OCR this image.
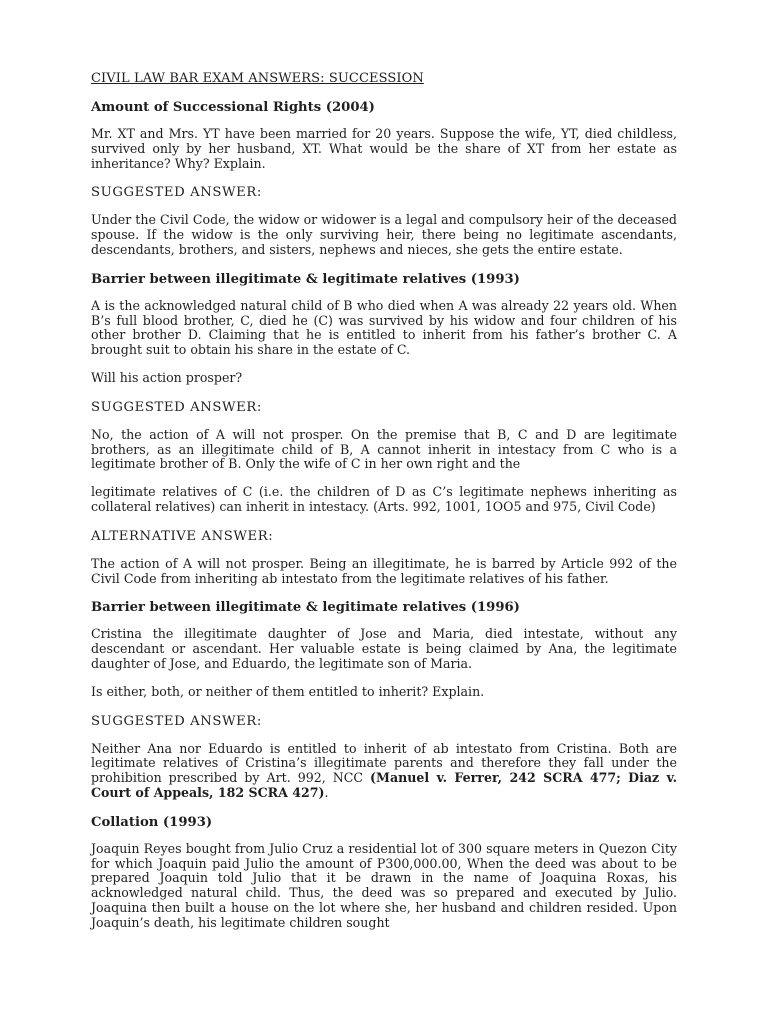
CIVIL LAW BAR EXAM ANSWERS: SUCCESSION
Amount of Successional Rights (2004)
Mr. XT and Mrs. YT have been married for 20 years. Suppose the wife, YT, died childless, survived only by her husband, XT. What would be the share of XT from her estate as inheritance? Why? Explain.
SUGGESTED ANSWER:
Under the Civil Code, the widow or widower is a legal and compulsory heir of the deceased spouse. If the widow is the only surviving heir, there being no legitimate ascendants, descendants, brothers, and sisters, nephews and nieces, she gets the entire estate.
Barrier between illegitimate & legitimate relatives (1993)
A is the acknowledged natural child of B who died when A was already 22 years old. When B’s full blood brother, C, died he (C) was survived by his widow and four children of his other brother D. Claiming that he is entitled to inherit from his father’s brother C. A brought suit to obtain his share in the estate of C.
Will his action prosper?
SUGGESTED ANSWER:
No, the action of A will not prosper. On the premise that B, C and D are legitimate brothers, as an illegitimate child of B, A cannot inherit in intestacy from C who is a legitimate brother of B. Only the wife of C in her own right and the
legitimate relatives of C (i.e. the children of D as C’s legitimate nephews inheriting as collateral relatives) can inherit in intestacy. (Arts. 992, 1001, 1OO5 and 975, Civil Code)
ALTERNATIVE ANSWER:
The action of A will not prosper. Being an illegitimate, he is barred by Article 992 of the Civil Code from inheriting ab intestato from the legitimate relatives of his father.
Barrier between illegitimate & legitimate relatives (1996)
Cristina the illegitimate daughter of Jose and Maria, died intestate, without any descendant or ascendant. Her valuable estate is being claimed by Ana, the legitimate daughter of Jose, and Eduardo, the legitimate son of Maria.
Is either, both, or neither of them entitled to inherit? Explain.
SUGGESTED ANSWER:
Neither Ana nor Eduardo is entitled to inherit of ab intestato from Cristina. Both are legitimate relatives of Cristina’s illegitimate parents and therefore they fall under the prohibition prescribed by Art. 992, NCC (Manuel v. Ferrer, 242 SCRA 477; Diaz v. Court of Appeals, 182 SCRA 427).
Collation (1993)
Joaquin Reyes bought from Julio Cruz a residential lot of 300 square meters in Quezon City for which Joaquin paid Julio the amount of P300,000.00, When the deed was about to be prepared Joaquin told Julio that it be drawn in the name of Joaquina Roxas, his acknowledged natural child. Thus, the deed was so prepared and executed by Julio. Joaquina then built a house on the lot where she, her husband and children resided. Upon Joaquin’s death, his legitimate children sought
